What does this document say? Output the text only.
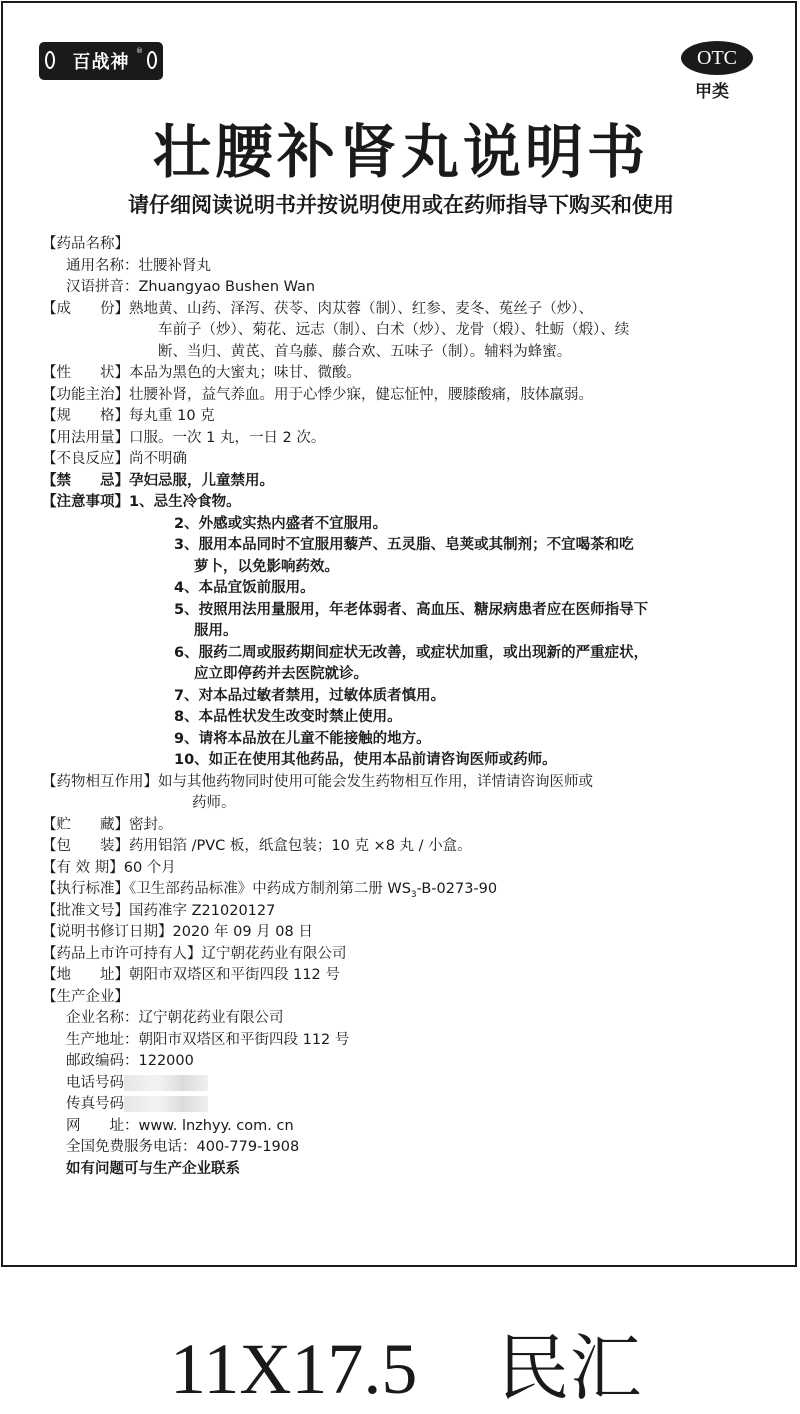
百战神
®	OTC
甲类
壮腰补肾丸说明书
请仔细阅读说明书并按说明使用或在药师指导下购买和使用
【药品名称】
通用名称：壮腰补肾丸
汉语拼音：Zhuangyao Bushen Wan
【成　　份】熟地黄、山药、泽泻、茯苓、肉苁蓉（制）、红参、麦冬、菟丝子（炒）、
车前子（炒）、菊花、远志（制）、白术（炒）、龙骨（煅）、牡蛎（煅）、续
断、当归、黄芪、首乌藤、藤合欢、五味子（制）。辅料为蜂蜜。
【性　　状】本品为黑色的大蜜丸；味甘、微酸。
【功能主治】壮腰补肾，益气养血。用于心悸少寐，健忘怔忡，腰膝酸痛，肢体羸弱。
【规　　格】每丸重 10 克
【用法用量】口服。一次 1 丸，一日 2 次。
【不良反应】尚不明确
【禁　　忌】孕妇忌服，儿童禁用。
【注意事项】1、忌生冷食物。
2、外感或实热内盛者不宜服用。
3、服用本品同时不宜服用藜芦、五灵脂、皂荚或其制剂；不宜喝茶和吃
萝卜，以免影响药效。
4、本品宜饭前服用。
5、按照用法用量服用，年老体弱者、高血压、糖尿病患者应在医师指导下
服用。
6、服药二周或服药期间症状无改善，或症状加重，或出现新的严重症状，
应立即停药并去医院就诊。
7、对本品过敏者禁用，过敏体质者慎用。
8、本品性状发生改变时禁止使用。
9、请将本品放在儿童不能接触的地方。
10、如正在使用其他药品，使用本品前请咨询医师或药师。
【药物相互作用】如与其他药物同时使用可能会发生药物相互作用，详情请咨询医师或
药师。
【贮　　藏】密封。
【包　　装】药用铝箔 /PVC 板，纸盒包装；10 克 ×8 丸 / 小盒。
【有 效 期】60 个月
【执行标准】《卫生部药品标准》中药成方制剂第二册 $WS_3-B-0273-90$
【批准文号】国药准字 Z21020127
【说明书修订日期】2020 年 09 月 08 日
【药品上市许可持有人】辽宁朝花药业有限公司
【地　　址】朝阳市双塔区和平街四段 112 号
【生产企业】
企业名称：辽宁朝花药业有限公司
生产地址：朝阳市双塔区和平街四段 112 号
邮政编码：122000
电话号码
传真号码
网　　址：www. lnzhyy. com. cn
全国免费服务电话：400-779-1908
如有问题可与生产企业联系
11X17.5 民汇
